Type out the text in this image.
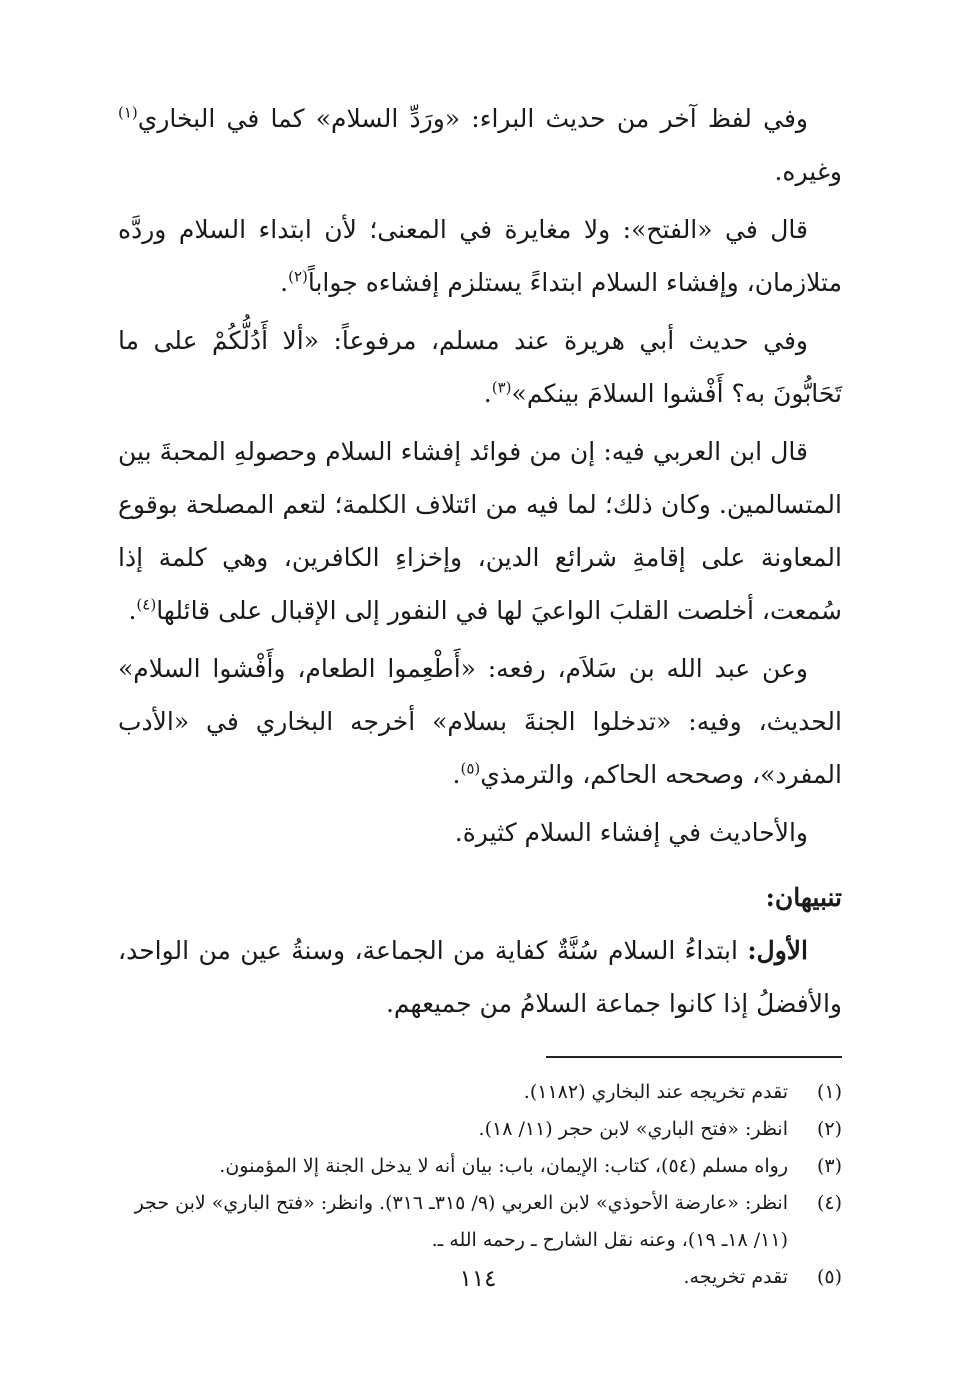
وفي لفظ آخر من حديث البراء: «ورَدِّ السلام» كما في البخاري$^{(١)}$ وغيره.

قال في «الفتح»: ولا مغايرة في المعنى؛ لأن ابتداء السلام وردَّه متلازمان، وإفشاء السلام ابتداءً يستلزم إفشاءه جواباً$^{(٢)}$.

وفي حديث أبي هريرة عند مسلم، مرفوعاً: «ألا أَدُلُّكُمْ على ما تَحَابُّونَ به؟ أَفْشوا السلامَ بينكم»$^{(٣)}$.

قال ابن العربي فيه: إن من فوائد إفشاء السلام وحصولهِ المحبةَ بين المتسالمين. وكان ذلك؛ لما فيه من ائتلاف الكلمة؛ لتعم المصلحة بوقوع المعاونة على إقامةِ شرائع الدين، وإخزاءِ الكافرين، وهي كلمة إذا سُمعت، أخلصت القلبَ الواعيَ لها في النفور إلى الإقبال على قائلها$^{(٤)}$.

وعن عبد الله بن سَلاَم، رفعه: «أَطْعِموا الطعام، وأَفْشوا السلام» الحديث، وفيه: «تدخلوا الجنةَ بسلام» أخرجه البخاري في «الأدب المفرد»، وصححه الحاكم، والترمذي$^{(٥)}$.

والأحاديث في إفشاء السلام كثيرة.

تنبيهان:

الأول: ابتداءُ السلام سُنَّةٌ كفاية من الجماعة، وسنةُ عين من الواحد، والأفضلُ إذا كانوا جماعة السلامُ من جميعهم.

(١)
تقدم تخريجه عند البخاري (١١٨٢).
(٢)
انظر: «فتح الباري» لابن حجر (١١/ ١٨).
(٣)
رواه مسلم (٥٤)، كتاب: الإيمان، باب: بيان أنه لا يدخل الجنة إلا المؤمنون.
(٤)
انظر: «عارضة الأحوذي» لابن العربي (٩/ ٣١٥ـ ٣١٦). وانظر: «فتح الباري» لابن حجر (١١/ ١٨ـ ١٩)، وعنه نقل الشارح ـ رحمه الله ـ.
(٥)
تقدم تخريجه.
١١٤
